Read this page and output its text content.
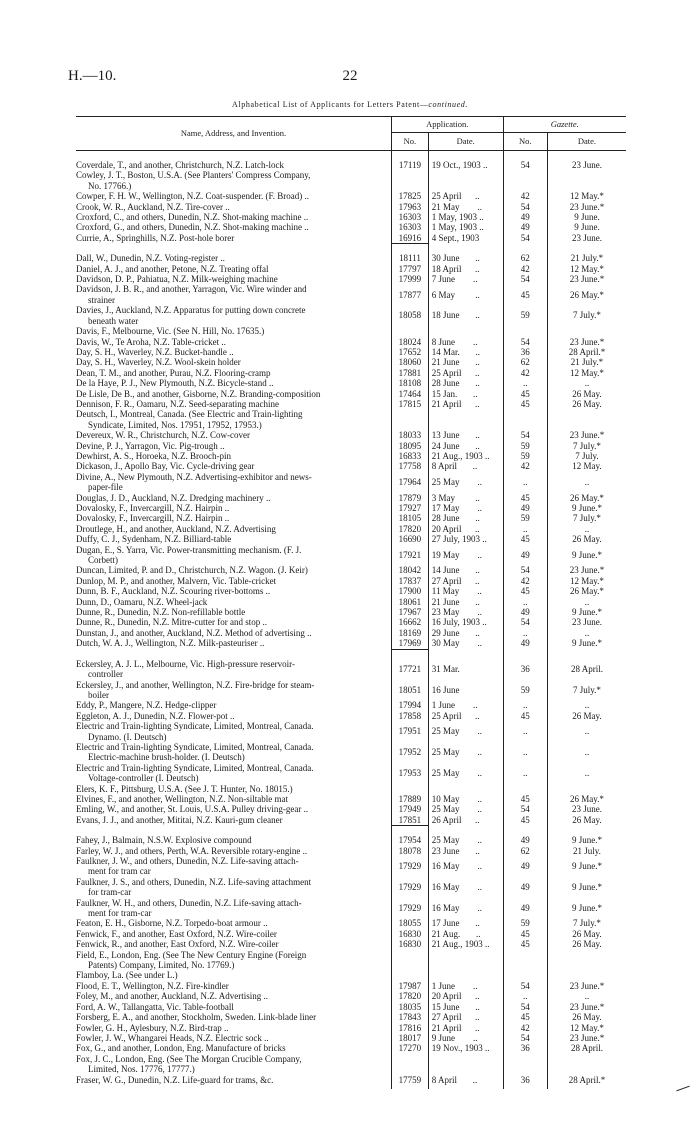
H.—10.	22
Alphabetical List of Applicants for Letters Patent—continued.
Name, Address, and Invention.	Application.		Gazette.	
	No.	Date.	No.	Date.

Coverdale, T., and another, Christchurch, N.Z. Latch-lock	17119	19 Oct., 1903 ..	54	23 June.

Cowley, J. T., Boston, U.S.A. (See Planters' Compress Company,
No. 17766.)				

Cowper, F. H. W., Wellington, N.Z. Coat-suspender. (F. Broad) ..	17825	25 April      ..	42	12 May.*

Crook, W. R., Auckland, N.Z. Tire-cover ..	17963	21 May        ..	54	23 June.*

Croxford, C., and others, Dunedin, N.Z. Shot-making machine ..	16303	1 May, 1903 ..	49	9 June.

Croxford, G., and others, Dunedin, N.Z. Shot-making machine ..	16303	1 May, 1903 ..	49	9 June.

Currie, A., Springhills, N.Z. Post-hole borer	16916	4 Sept., 1903	54	23 June.

Dall, W., Dunedin, N.Z. Voting-register ..	18111	30 June       ..	62	21 July.*

Daniel, A. J., and another, Petone, N.Z. Treating offal	17797	18 April      ..	42	12 May.*

Davidson, D. P., Pahiatua, N.Z. Milk-weighing machine	17999	7 June        ..	54	23 June.*

Davidson, J. B. R., and another, Yarragon, Vic. Wire winder and
strainer	17877	6 May         ..	45	26 May.*

Davies, J., Auckland, N.Z. Apparatus for putting down concrete
beneath water	18058	18 June       ..	59	7 July.*

Davis, F., Melbourne, Vic. (See N. Hill, No. 17635.)				

Davis, W., Te Aroha, N.Z. Table-cricket ..	18024	8 June        ..	54	23 June.*

Day, S. H., Waverley, N.Z. Bucket-handle ..	17652	14 Mar.       ..	36	28 April.*

Day, S. H., Waverley, N.Z. Wool-skein holder	18060	21 June       ..	62	21 July.*

Dean, T. M., and another, Purau, N.Z. Flooring-cramp	17881	25 April      ..	42	12 May.*

De la Haye, P. J., New Plymouth, N.Z. Bicycle-stand ..	18108	28 June       ..	..	..

De Lisle, De B., and another, Gisborne, N.Z. Branding-composition	17464	15 Jan.       ..	45	26 May.

Dennison, F. R., Oamaru, N.Z. Seed-separating machine	17815	21 April      ..	45	26 May.

Deutsch, I., Montreal, Canada. (See Electric and Train-lighting
Syndicate, Limited, Nos. 17951, 17952, 17953.)				

Devereux, W. R., Christchurch, N.Z. Cow-cover	18033	13 June       ..	54	23 June.*

Devine, P. J., Yarragon, Vic. Pig-trough ..	18095	24 June       ..	59	7 July.*

Dewhirst, A. S., Horoeka, N.Z. Brooch-pin	16833	21 Aug., 1903 ..	59	7 July.

Dickason, J., Apollo Bay, Vic. Cycle-driving gear	17758	8 April       ..	42	12 May.

Divine, A., New Plymouth, N.Z. Advertising-exhibitor and news-
paper-file	17964	25 May        ..	..	..

Douglas, J. D., Auckland, N.Z. Dredging machinery ..	17879	3 May         ..	45	26 May.*

Dovalosky, F., Invercargill, N.Z. Hairpin ..	17927	17 May        ..	49	9 June.*

Dovalosky, F., Invercargill, N.Z. Hairpin ..	18105	28 June       ..	59	7 July.*

Droutlege, H., and another, Auckland, N.Z. Advertising	17820	20 April      ..	..	..

Duffy, C. J., Sydenham, N.Z. Billiard-table	16690	27 July, 1903 ..	45	26 May.

Dugan, E., S. Yarra, Vic. Power-transmitting mechanism. (F. J.
Corbett)	17921	19 May        ..	49	9 June.*

Duncan, Limited, P. and D., Christchurch, N.Z. Wagon. (J. Keir)	18042	14 June       ..	54	23 June.*

Dunlop, M. P., and another, Malvern, Vic. Table-cricket	17837	27 April      ..	42	12 May.*

Dunn, B. F., Auckland, N.Z. Scouring river-bottoms ..	17900	11 May        ..	45	26 May.*

Dunn, D., Oamaru, N.Z. Wheel-jack	18061	21 June       ..	..	..

Dunne, R., Dunedin, N.Z. Non-refillable bottle	17967	23 May        ..	49	9 June.*

Dunne, R., Dunedin, N.Z. Mitre-cutter for and stop ..	16662	16 July, 1903 ..	54	23 June.

Dunstan, J., and another, Auckland, N.Z. Method of advertising ..	18169	29 June       ..	..	..

Dutch, W. A. J., Wellington, N.Z. Milk-pasteuriser ..	17969	30 May        ..	49	9 June.*

Eckersley, A. J. L., Melbourne, Vic. High-pressure reservoir-
controller	17721	31 Mar.	36	28 April.

Eckersley, J., and another, Wellington, N.Z. Fire-bridge for steam-
boiler	18051	16 June	59	7 July.*

Eddy, P., Mangere, N.Z. Hedge-clipper	17994	1 June        ..	..	..

Eggleton, A. J., Dunedin, N.Z. Flower-pot ..	17858	25 April      ..	45	26 May.

Electric and Train-lighting Syndicate, Limited, Montreal, Canada.
Dynamo. (I. Deutsch)	17951	25 May        ..	..	..

Electric and Train-lighting Syndicate, Limited, Montreal, Canada.
Electric-machine brush-holder. (I. Deutsch)	17952	25 May        ..	..	..

Electric and Train-lighting Syndicate, Limited, Montreal, Canada.
Voltage-controller (I. Deutsch)	17953	25 May        ..	..	..

Elers, K. F., Pittsburg, U.S.A. (See J. T. Hunter, No. 18015.)				

Elvines, F., and another, Wellington, N.Z. Non-siltable mat	17889	10 May        ..	45	26 May.*

Emling, W., and another, St. Louis, U.S.A. Pulley driving-gear ..	17949	25 May        ..	54	23 June.

Evans, J. J., and another, Mititai, N.Z. Kauri-gum cleaner	17851	26 April      ..	45	26 May.

Fahey, J., Balmain, N.S.W. Explosive compound	17954	25 May        ..	49	9 June.*

Farley, W. J., and others, Perth, W.A. Reversible rotary-engine ..	18078	23 June       ..	62	21 July.

Faulkner, J. W., and others, Dunedin, N.Z. Life-saving attach-
ment for tram car	17929	16 May        ..	49	9 June.*

Faulkner, J. S., and others, Dunedin, N.Z. Life-saving attachment
for tram-car	17929	16 May        ..	49	9 June.*

Faulkner, W. H., and others, Dunedin, N.Z. Life-saving attach-
ment for tram-car	17929	16 May        ..	49	9 June.*

Featon, E. H., Gisborne, N.Z. Torpedo-boat armour ..	18055	17 June       ..	59	7 July.*

Fenwick, F., and another, East Oxford, N.Z. Wire-coiler	16830	21 Aug.       ..	45	26 May.

Fenwick, R., and another, East Oxford, N.Z. Wire-coiler	16830	21 Aug., 1903 ..	45	26 May.

Field, E., London, Eng. (See The New Century Engine (Foreign
Patents) Company, Limited, No. 17769.)				

Flamboy, La. (See under L.)				

Flood, E. T., Wellington, N.Z. Fire-kindler	17987	1 June        ..	54	23 June.*

Foley, M., and another, Auckland, N.Z. Advertising ..	17820	20 April      ..	..	..

Ford, A. W., Tallangatta, Vic. Table-football	18035	15 June       ..	54	23 June.*

Forsberg, E. A., and another, Stockholm, Sweden. Link-blade liner	17843	27 April      ..	45	26 May.

Fowler, G. H., Aylesbury, N.Z. Bird-trap ..	17816	21 April      ..	42	12 May.*

Fowler, J. W., Whangarei Heads, N.Z. Electric sock ..	18017	9 June        ..	54	23 June.*

Fox, G., and another, London, Eng. Manufacture of bricks	17270	19 Nov., 1903 ..	36	28 April.

Fox, J. C., London, Eng. (See The Morgan Crucible Company,
Limited, Nos. 17776, 17777.)				

Fraser, W. G., Dunedin, N.Z. Life-guard for trams, &c.	17759	8 April       ..	36	28 April.*
